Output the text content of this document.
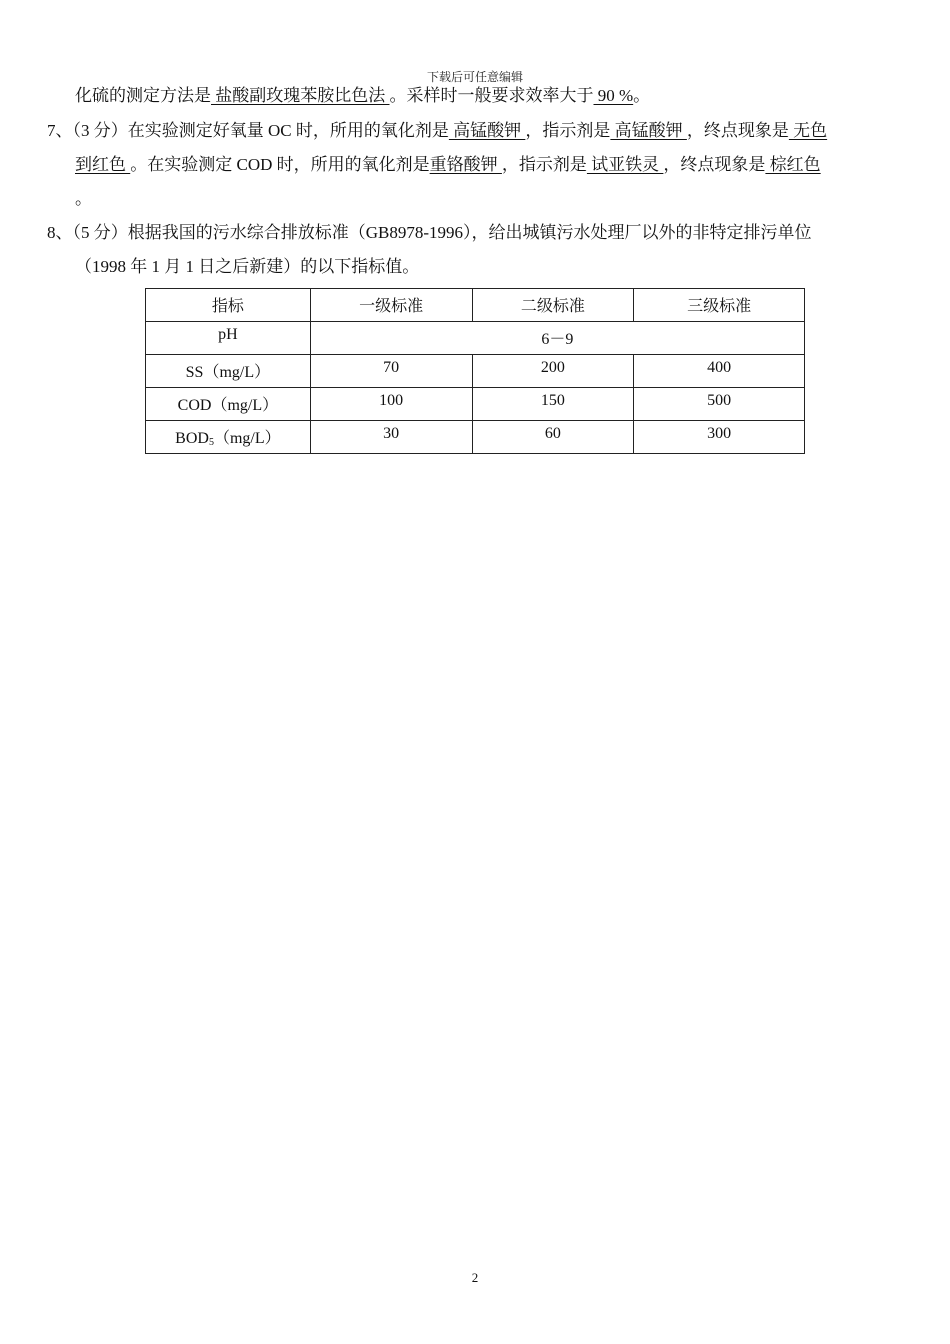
下载后可任意编辑
化硫的测定方法是 盐酸副玫瑰苯胺比色法 。采样时一般要求效率大于 90 %。
7、（3 分）在实验测定好氧量 OC 时，所用的氧化剂是 高锰酸钾 ，指示剂是 高锰酸钾 ，终点现象是 无色
到红色 。在实验测定 COD 时，所用的氧化剂是重铬酸钾 ，指示剂是 试亚铁灵 ，终点现象是 棕红色
。
8、（5 分）根据我国的污水综合排放标准（GB8978-1996），给出城镇污水处理厂以外的非特定排污单位
（1998 年 1 月 1 日之后新建）的以下指标值。
指标	一级标准	二级标准	三级标准
pH	6－9		
SS（mg/L）	70	200	400
COD（mg/L）	100	150	500
$BOD_5(mg/L)$	30	60	300
2
